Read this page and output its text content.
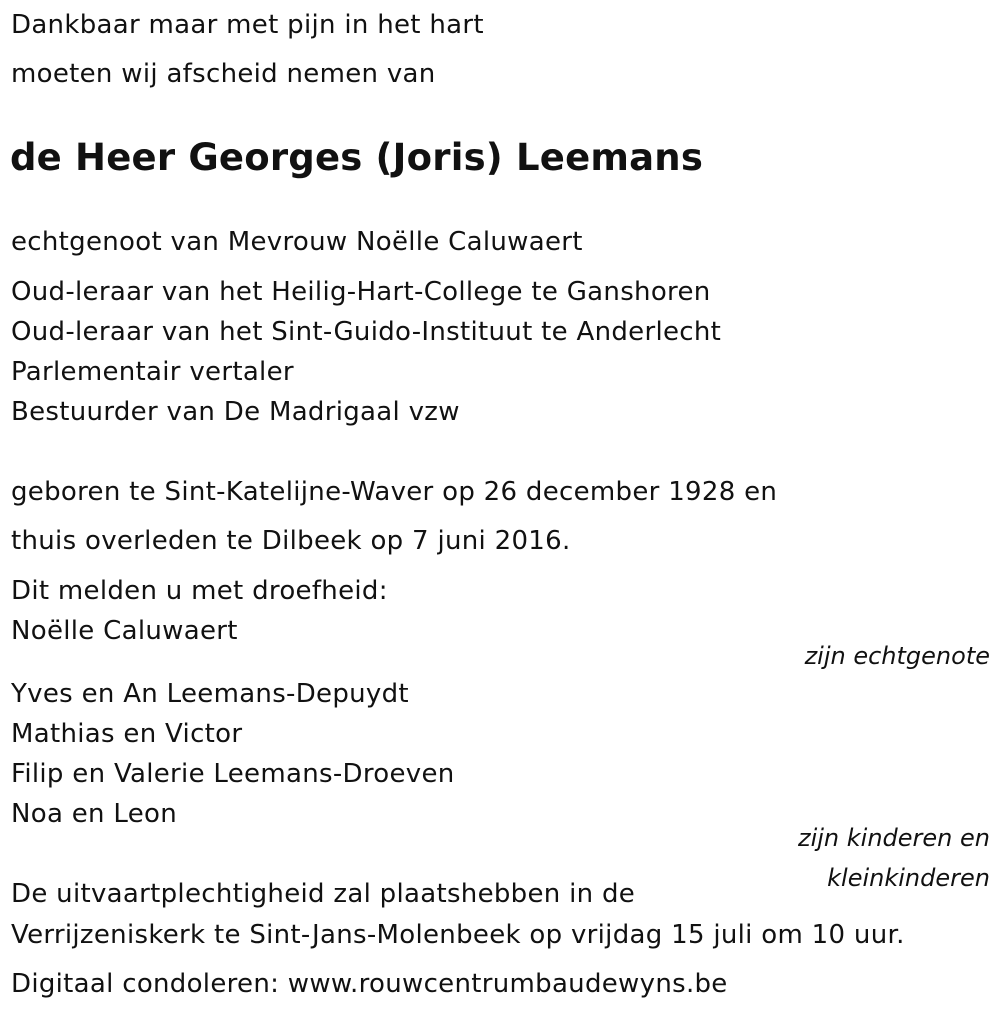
Dankbaar maar met pijn in het hart
moeten wij afscheid nemen van
de Heer Georges (Joris) Leemans
echtgenoot van Mevrouw Noëlle Caluwaert
Oud-leraar van het Heilig-Hart-College te Ganshoren
Oud-leraar van het Sint-Guido-Instituut te Anderlecht
Parlementair vertaler
Bestuurder van De Madrigaal vzw
geboren te Sint-Katelijne-Waver op 26 december 1928 en
thuis overleden te Dilbeek op 7 juni 2016.
Dit melden u met droefheid:
Noëlle Caluwaert
zijn echtgenote
Yves en An Leemans-Depuydt
Mathias en Victor
Filip en Valerie Leemans-Droeven
Noa en Leon
zijn kinderen en
kleinkinderen
De uitvaartplechtigheid zal plaatshebben in de
Verrijzeniskerk te Sint-Jans-Molenbeek op vrijdag 15 juli om 10 uur.
Digitaal condoleren: www.rouwcentrumbaudewyns.be
